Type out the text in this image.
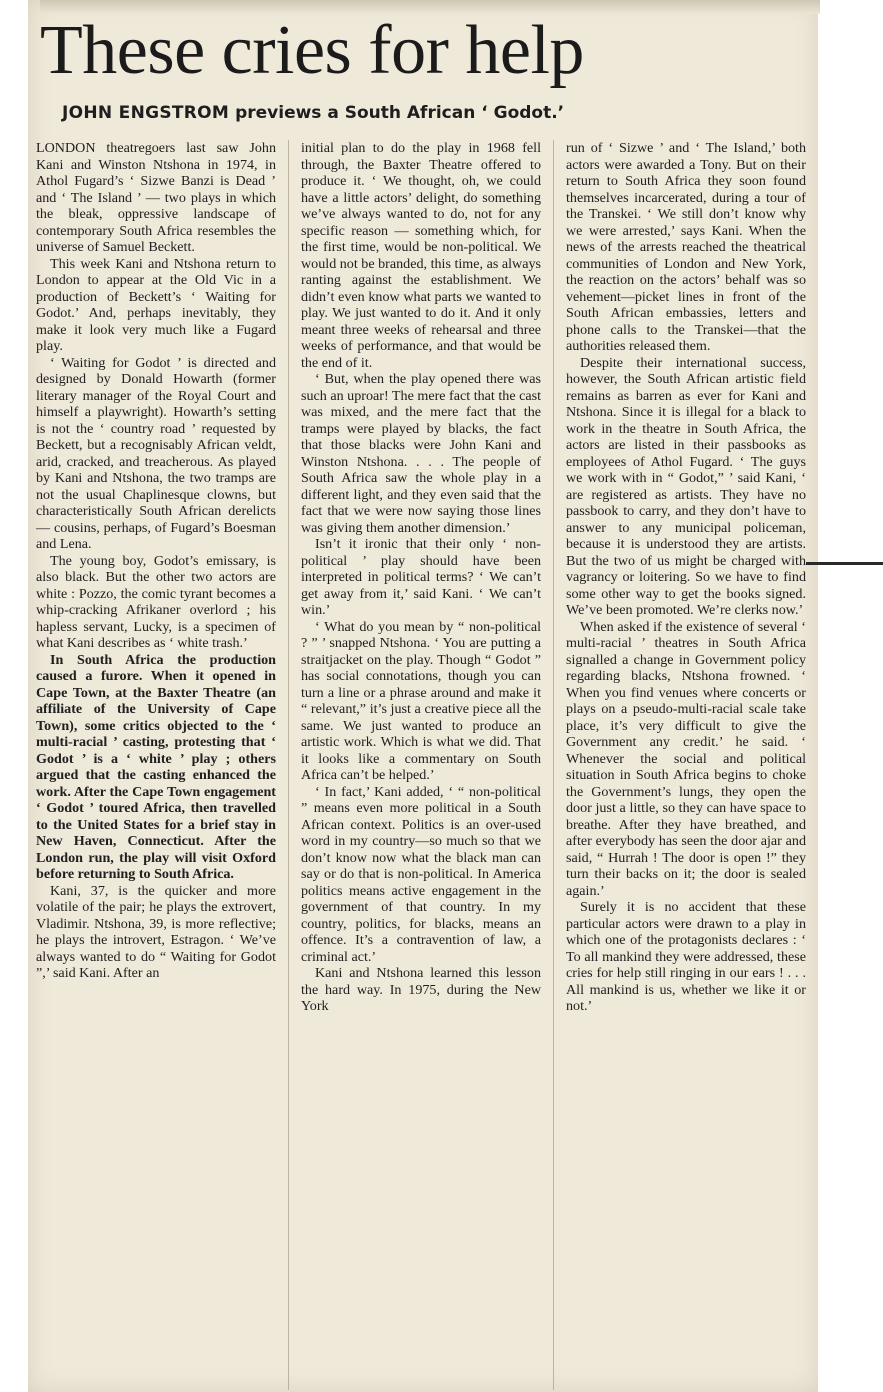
These cries for help
JOHN ENGSTROM previews a South African ‘ Godot.’

LONDON theatregoers last saw John Kani and Winston Ntshona in 1974, in Athol Fugard’s ‘ Sizwe Banzi is Dead ’ and ‘ The Island ’ — two plays in which the bleak, oppressive landscape of contemporary South Africa resembles the universe of Samuel Beckett.

This week Kani and Ntshona return to London to appear at the Old Vic in a production of Beckett’s ‘ Waiting for Godot.’ And, perhaps inevitably, they make it look very much like a Fugard play.

‘ Waiting for Godot ’ is directed and designed by Donald Howarth (former literary manager of the Royal Court and himself a playwright). Howarth’s setting is not the ‘ country road ’ requested by Beckett, but a recognisably African veldt, arid, cracked, and treacherous. As played by Kani and Ntshona, the two tramps are not the usual Chaplinesque clowns, but characteristically South African derelicts — cousins, perhaps, of Fugard’s Boesman and Lena.

The young boy, Godot’s emissary, is also black. But the other two actors are white : Pozzo, the comic tyrant becomes a whip-cracking Afrikaner overlord ; his hapless servant, Lucky, is a specimen of what Kani describes as ‘ white trash.’

In South Africa the production caused a furore. When it opened in Cape Town, at the Baxter Theatre (an affiliate of the University of Cape Town), some critics objected to the ‘ multi-racial ’ casting, protesting that ‘ Godot ’ is a ‘ white ’ play ; others argued that the casting enhanced the work. After the Cape Town engagement ‘ Godot ’ toured Africa, then travelled to the United States for a brief stay in New Haven, Connecticut. After the London run, the play will visit Oxford before returning to South Africa.

Kani, 37, is the quicker and more volatile of the pair; he plays the extrovert, Vladimir. Ntshona, 39, is more reflective; he plays the introvert, Estragon. ‘ We’ve always wanted to do “ Waiting for Godot ”,’ said Kani. After an

initial plan to do the play in 1968 fell through, the Baxter Theatre offered to produce it. ‘ We thought, oh, we could have a little actors’ delight, do something we’ve always wanted to do, not for any specific reason — something which, for the first time, would be non-political. We would not be branded, this time, as always ranting against the establishment. We didn’t even know what parts we wanted to play. We just wanted to do it. And it only meant three weeks of rehearsal and three weeks of performance, and that would be the end of it.

‘ But, when the play opened there was such an uproar! The mere fact that the cast was mixed, and the mere fact that the tramps were played by blacks, the fact that those blacks were John Kani and Winston Ntshona. . . . The people of South Africa saw the whole play in a different light, and they even said that the fact that we were now saying those lines was giving them another dimension.’

Isn’t it ironic that their only ‘ non-political ’ play should have been interpreted in political terms? ‘ We can’t get away from it,’ said Kani. ‘ We can’t win.’

‘ What do you mean by “ non-political ? ” ’ snapped Ntshona. ‘ You are putting a straitjacket on the play. Though “ Godot ” has social connotations, though you can turn a line or a phrase around and make it “ relevant,” it’s just a creative piece all the same. We just wanted to produce an artistic work. Which is what we did. That it looks like a commentary on South Africa can’t be helped.’

‘ In fact,’ Kani added, ‘ “ non-political ” means even more political in a South African context. Politics is an over-used word in my country—so much so that we don’t know now what the black man can say or do that is non-political. In America politics means active engagement in the government of that country. In my country, politics, for blacks, means an offence. It’s a contravention of law, a criminal act.’

Kani and Ntshona learned this lesson the hard way. In 1975, during the New York

run of ‘ Sizwe ’ and ‘ The Island,’ both actors were awarded a Tony. But on their return to South Africa they soon found themselves incarcerated, during a tour of the Transkei. ‘ We still don’t know why we were arrested,’ says Kani. When the news of the arrests reached the theatrical communities of London and New York, the reaction on the actors’ behalf was so vehement—picket lines in front of the South African embassies, letters and phone calls to the Transkei—that the authorities released them.

Despite their international success, however, the South African artistic field remains as barren as ever for Kani and Ntshona. Since it is illegal for a black to work in the theatre in South Africa, the actors are listed in their passbooks as employees of Athol Fugard. ‘ The guys we work with in “ Godot,” ’ said Kani, ‘ are registered as artists. They have no passbook to carry, and they don’t have to answer to any municipal policeman, because it is understood they are artists. But the two of us might be charged with vagrancy or loitering. So we have to find some other way to get the books signed. We’ve been promoted. We’re clerks now.’

When asked if the existence of several ‘ multi-racial ’ theatres in South Africa signalled a change in Government policy regarding blacks, Ntshona frowned. ‘ When you find venues where concerts or plays on a pseudo-multi-racial scale take place, it’s very difficult to give the Government any credit.’ he said. ‘ Whenever the social and political situation in South Africa begins to choke the Government’s lungs, they open the door just a little, so they can have space to breathe. After they have breathed, and after everybody has seen the door ajar and said, “ Hurrah ! The door is open !” they turn their backs on it; the door is sealed again.’

Surely it is no accident that these particular actors were drawn to a play in which one of the protagonists declares : ‘ To all mankind they were addressed, these cries for help still ringing in our ears ! . . . All mankind is us, whether we like it or not.’
